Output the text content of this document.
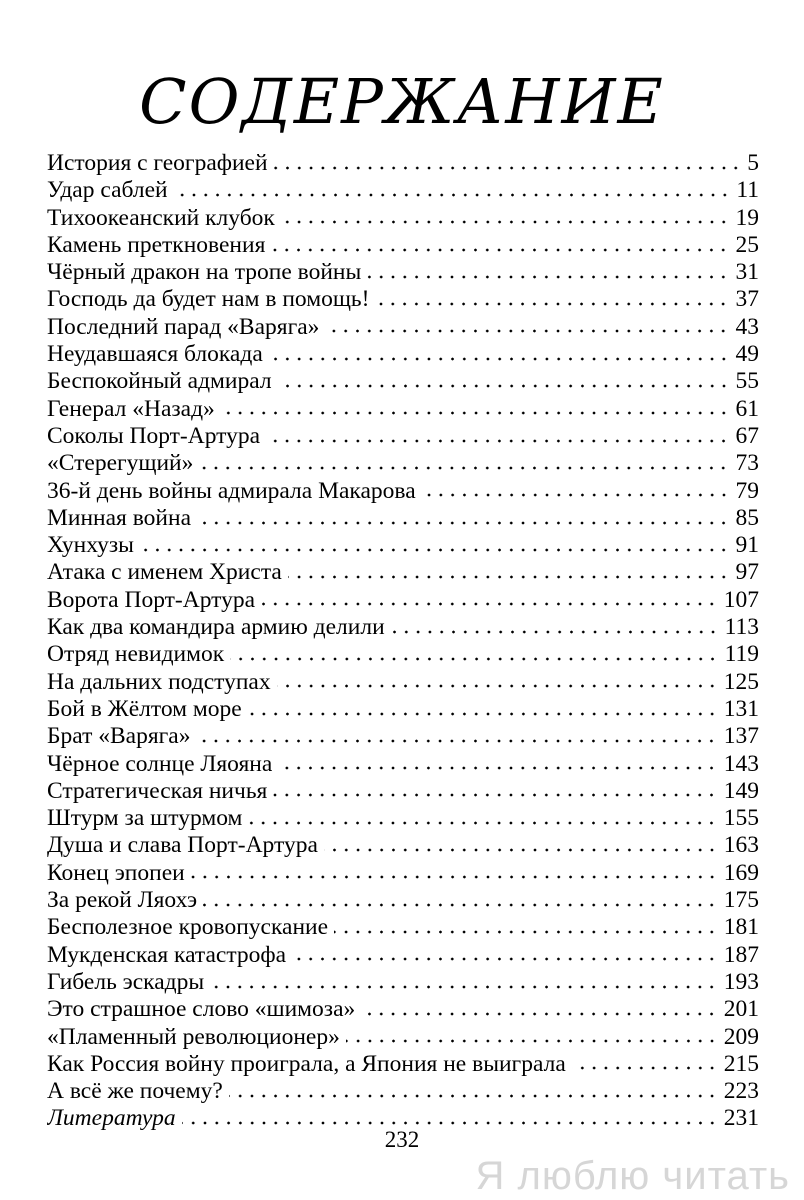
СОДЕРЖАНИЕ
История с географией	5
Удар саблей	11
Тихоокеанский клубок	19
Камень преткновения	25
Чёрный дракон на тропе войны	31
Господь да будет нам в помощь!	37
Последний парад «Варяга»	43
Неудавшаяся блокада	49
Беспокойный адмирал	55
Генерал «Назад»	61
Соколы Порт-Артура	67
«Стерегущий»	73
36-й день войны адмирала Макарова	79
Минная война	85
Хунхузы	91
Атака с именем Христа	97
Ворота Порт-Артура	107
Как два командира армию делили	113
Отряд невидимок	119
На дальних подступах	125
Бой в Жёлтом море	131
Брат «Варяга»	137
Чёрное солнце Ляояна	143
Стратегическая ничья	149
Штурм за штурмом	155
Душа и слава Порт-Артура	163
Конец эпопеи	169
За рекой Ляохэ	175
Бесполезное кровопускание	181
Мукденская катастрофа	187
Гибель эскадры	193
Это страшное слово «шимоза»	201
«Пламенный революционер»	209
Как Россия войну проиграла, а Япония не выиграла	215
А всё же почему?	223
Литература	231
232
Я люблю читать
